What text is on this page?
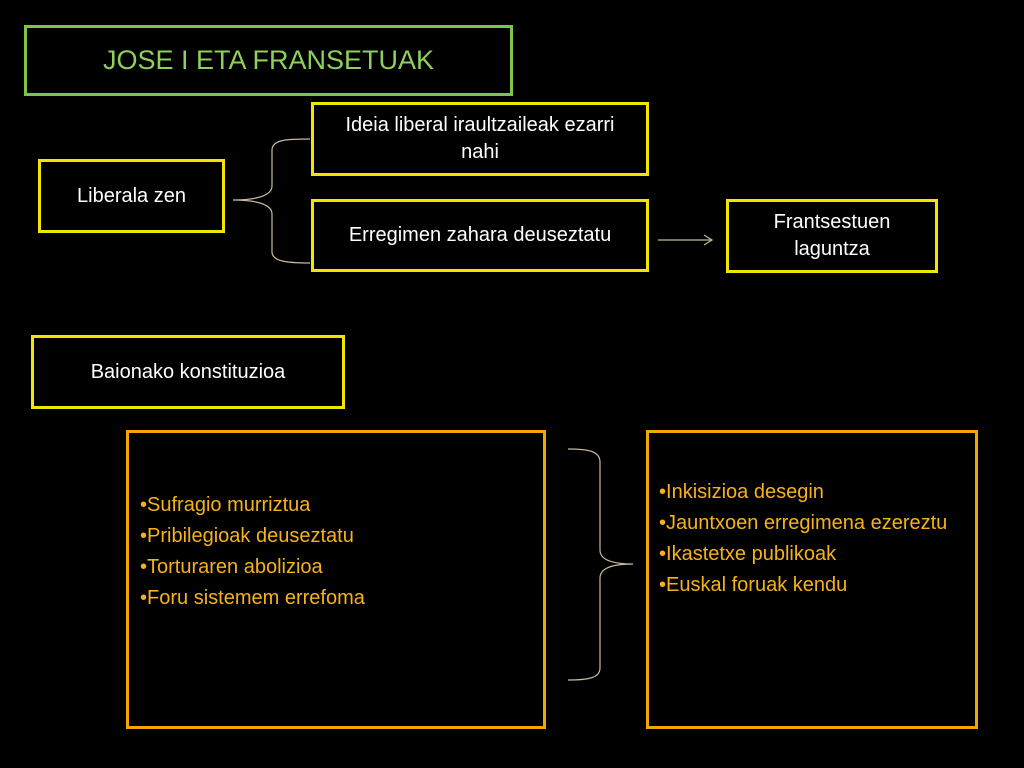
JOSE I ETA FRANSETUAK
Liberala zen
Ideia liberal iraultzaileak ezarri nahi
Erregimen zahara deuseztatu
Frantsestuen laguntza
Baionako konstituzioa
• Sufragio murriztua
• Pribilegioak deuseztatu
• Torturaren abolizioa
• Foru sistemem errefoma
• Inkisizioa desegin
• Jauntxoen erregimena ezereztu
• Ikastetxe publikoak
• Euskal foruak kendu
